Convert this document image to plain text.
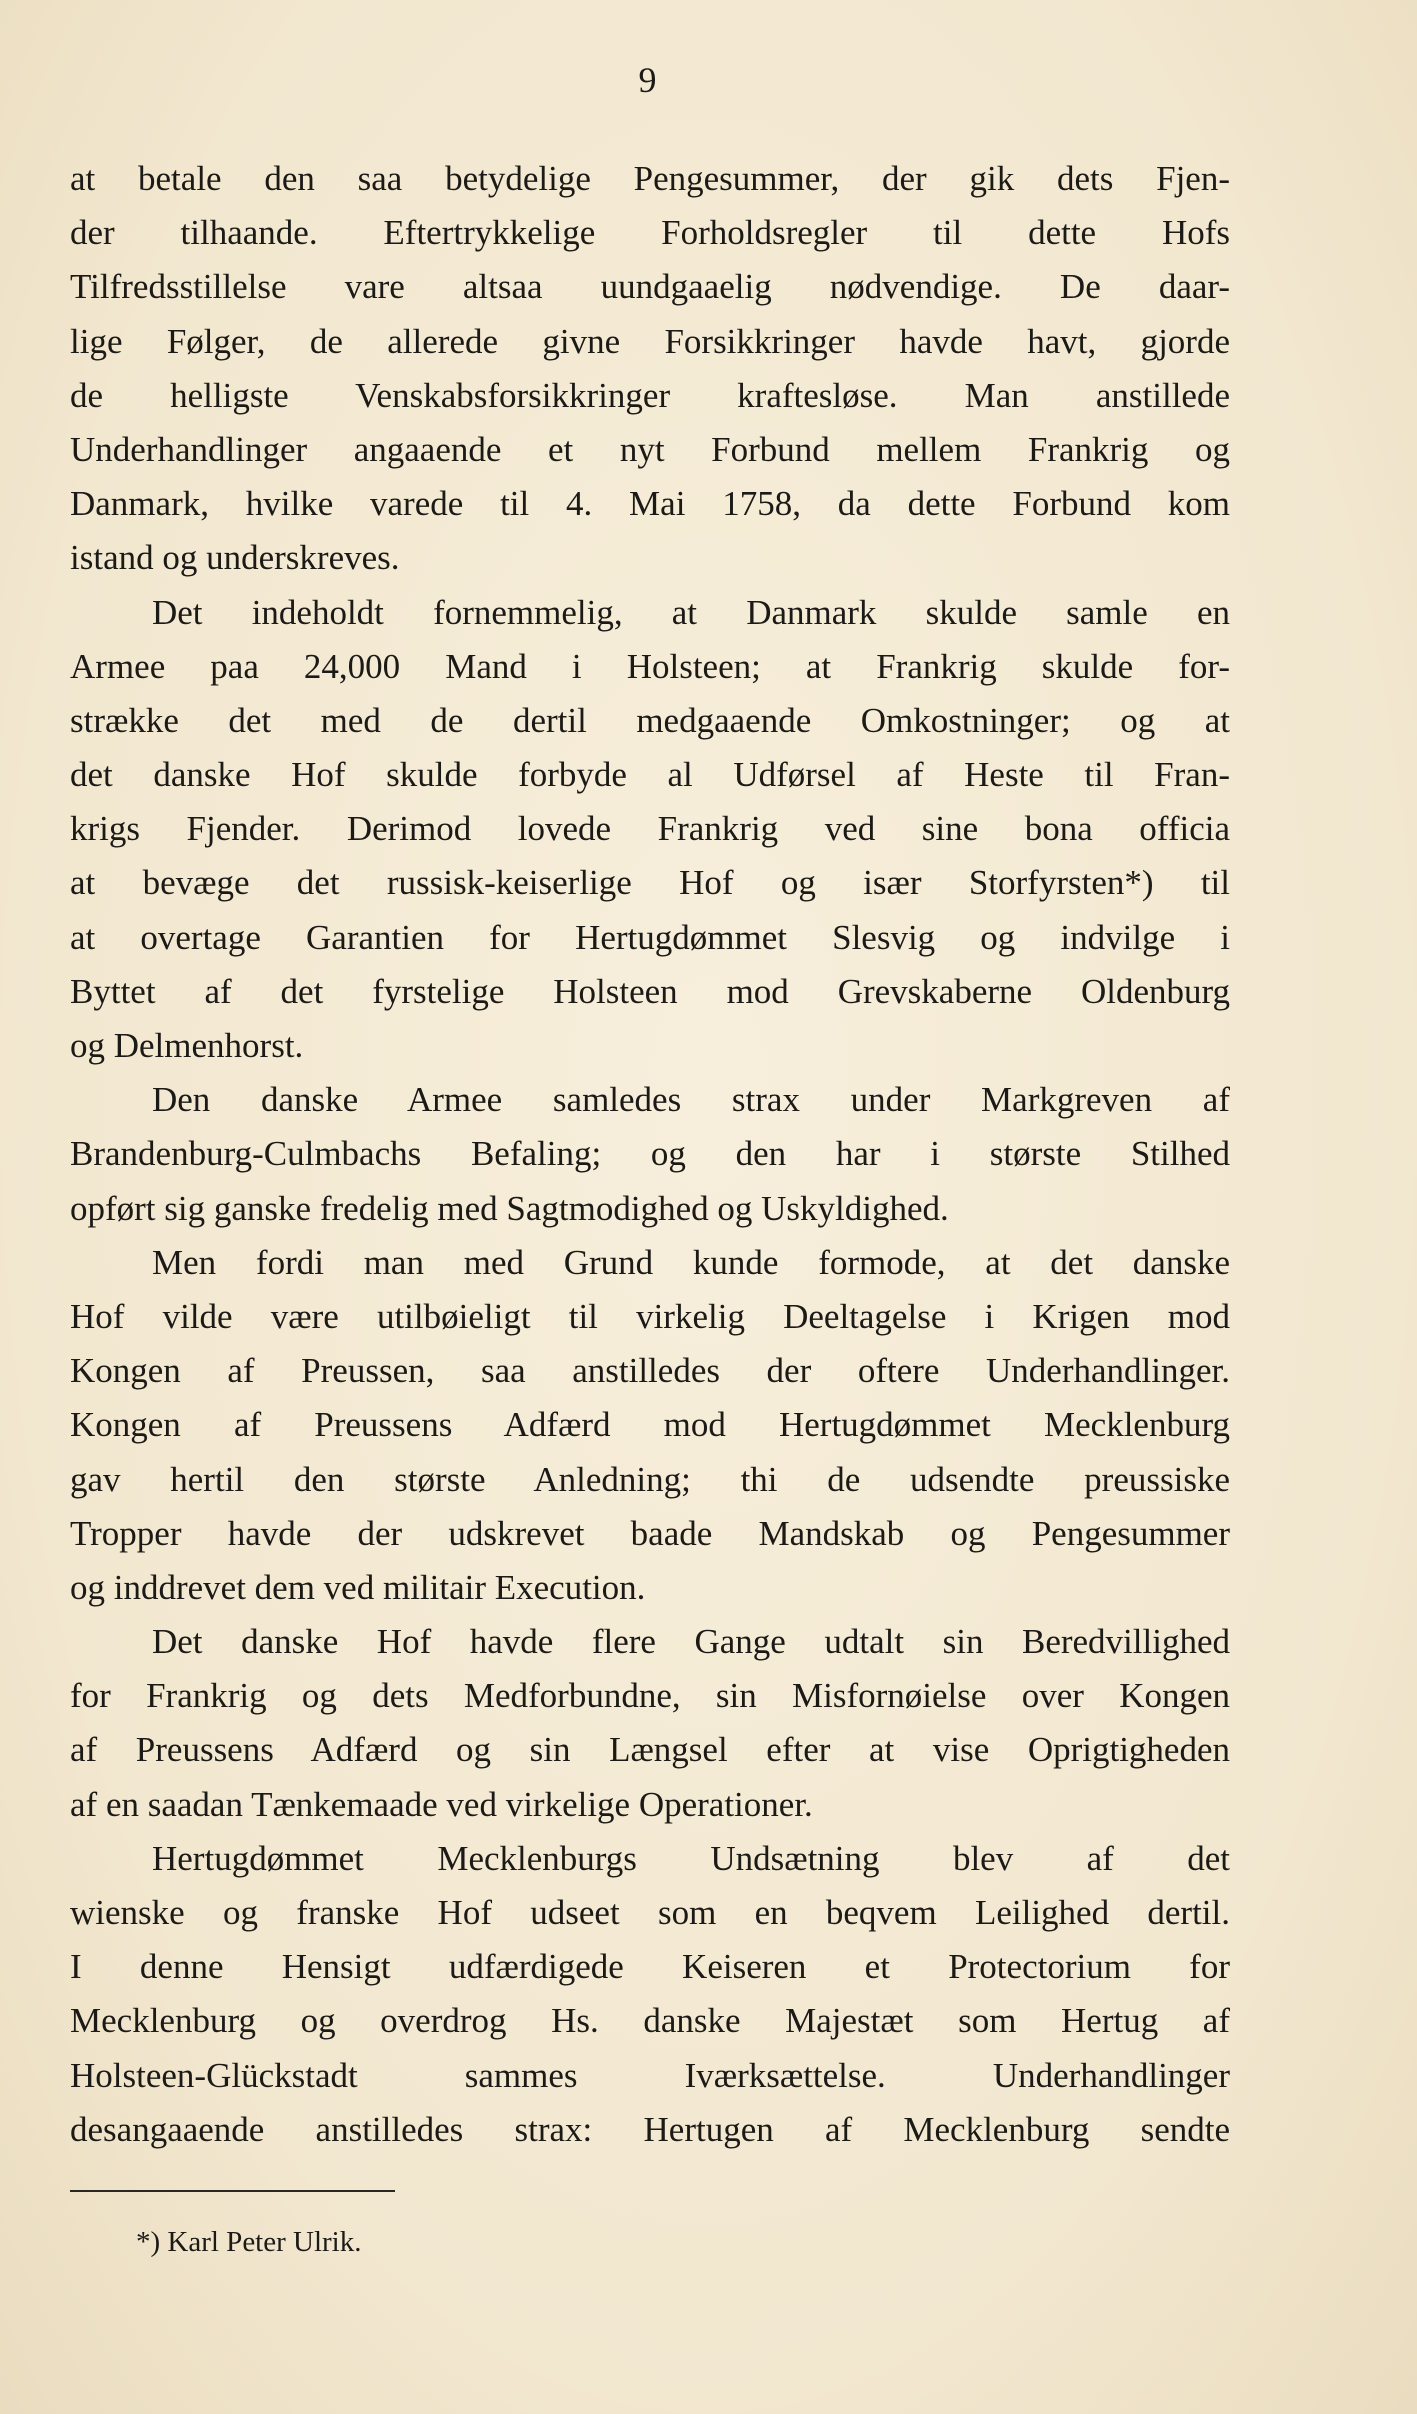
9
at betale den saa betydelige Pengesummer, der gik dets Fjen-
der tilhaande. Eftertrykkelige Forholdsregler til dette Hofs
Tilfredsstillelse vare altsaa uundgaaelig nødvendige. De daar-
lige Følger, de allerede givne Forsikkringer havde havt, gjorde
de helligste Venskabsforsikkringer kraftesløse. Man anstillede
Underhandlinger angaaende et nyt Forbund mellem Frankrig og
Danmark, hvilke varede til 4. Mai 1758, da dette Forbund kom
istand og underskreves.
Det indeholdt fornemmelig, at Danmark skulde samle en
Armee paa 24,000 Mand i Holsteen; at Frankrig skulde for-
strække det med de dertil medgaaende Omkostninger; og at
det danske Hof skulde forbyde al Udførsel af Heste til Fran-
krigs Fjender. Derimod lovede Frankrig ved sine bona officia
at bevæge det russisk-keiserlige Hof og især Storfyrsten*) til
at overtage Garantien for Hertugdømmet Slesvig og indvilge i
Byttet af det fyrstelige Holsteen mod Grevskaberne Oldenburg
og Delmenhorst.
Den danske Armee samledes strax under Markgreven af
Brandenburg-Culmbachs Befaling; og den har i største Stilhed
opført sig ganske fredelig med Sagtmodighed og Uskyldighed.
Men fordi man med Grund kunde formode, at det danske
Hof vilde være utilbøieligt til virkelig Deeltagelse i Krigen mod
Kongen af Preussen, saa anstilledes der oftere Underhandlinger.
Kongen af Preussens Adfærd mod Hertugdømmet Mecklenburg
gav hertil den største Anledning; thi de udsendte preussiske
Tropper havde der udskrevet baade Mandskab og Pengesummer
og inddrevet dem ved militair Execution.
Det danske Hof havde flere Gange udtalt sin Beredvillighed
for Frankrig og dets Medforbundne, sin Misfornøielse over Kongen
af Preussens Adfærd og sin Længsel efter at vise Oprigtigheden
af en saadan Tænkemaade ved virkelige Operationer.
Hertugdømmet Mecklenburgs Undsætning blev af det
wienske og franske Hof udseet som en beqvem Leilighed dertil.
I denne Hensigt udfærdigede Keiseren et Protectorium for
Mecklenburg og overdrog Hs. danske Majestæt som Hertug af
Holsteen-Glückstadt sammes Iværksættelse. Underhandlinger
desangaaende anstilledes strax: Hertugen af Mecklenburg sendte
*) Karl Peter Ulrik.
